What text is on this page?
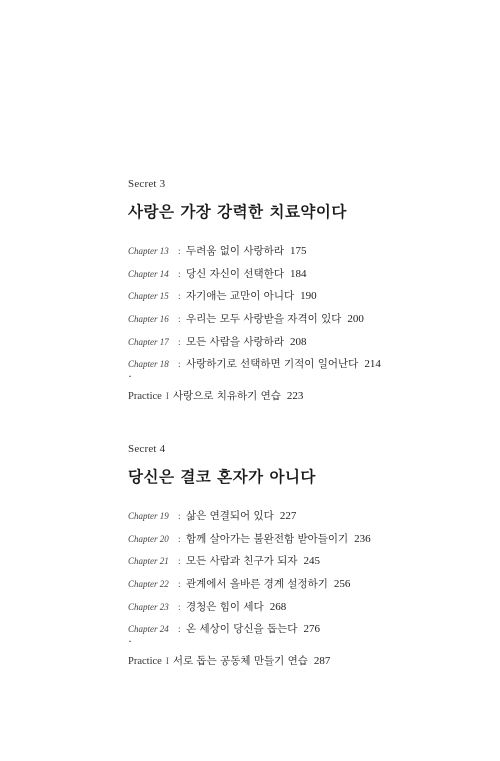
Secret 3

사랑은 가장 강력한 치료약이다
Chapter 13 : 두려움 없이 사랑하라 175
Chapter 14 : 당신 자신이 선택한다 184
Chapter 15 : 자기애는 교만이 아니다 190
Chapter 16 : 우리는 모두 사랑받을 자격이 있다 200
Chapter 17 : 모든 사람을 사랑하라 208
Chapter 18 : 사랑하기로 선택하면 기적이 일어난다 214
·
Practice I 사랑으로 치유하기 연습 223

Secret 4

당신은 결코 혼자가 아니다
Chapter 19 : 삶은 연결되어 있다 227
Chapter 20 : 함께 살아가는 불완전함 받아들이기 236
Chapter 21 : 모든 사람과 친구가 되자 245
Chapter 22 : 관계에서 올바른 경계 설정하기 256
Chapter 23 : 경청은 힘이 세다 268
Chapter 24 : 온 세상이 당신을 돕는다 276
·
Practice I 서로 돕는 공동체 만들기 연습 287
